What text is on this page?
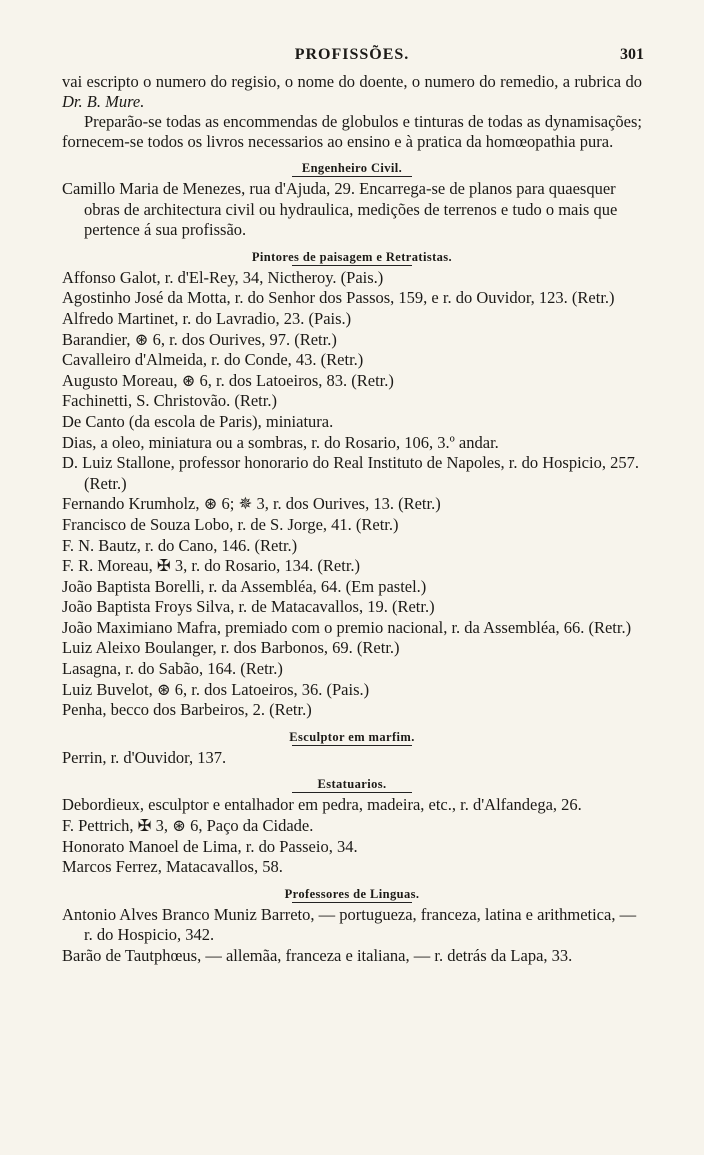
PROFISSÕES.	301

vai escripto o numero do regisio, o nome do doente, o numero do remedio, a rubrica do Dr. B. Mure.

Preparão-se todas as encommendas de globulos e tinturas de todas as dynamisações; fornecem-se todos os livros necessarios ao ensino e à pratica da homœopathia pura.

Engenheiro Civil.

Camillo Maria de Menezes, rua d'Ajuda, 29. Encarrega-se de planos para quaesquer obras de architectura civil ou hydraulica, medições de terrenos e tudo o mais que pertence á sua profissão.

Pintores de paisagem e Retratistas.

Affonso Galot, r. d'El-Rey, 34, Nictheroy. (Pais.)

Agostinho José da Motta, r. do Senhor dos Passos, 159, e r. do Ouvidor, 123. (Retr.)

Alfredo Martinet, r. do Lavradio, 23. (Pais.)

Barandier, ⊛ 6, r. dos Ourives, 97. (Retr.)

Cavalleiro d'Almeida, r. do Conde, 43. (Retr.)

Augusto Moreau, ⊛ 6, r. dos Latoeiros, 83. (Retr.)

Fachinetti, S. Christovão. (Retr.)

De Canto (da escola de Paris), miniatura.

Dias, a oleo, miniatura ou a sombras, r. do Rosario, 106, 3.º andar.

D. Luiz Stallone, professor honorario do Real Instituto de Napoles, r. do Hospicio, 257. (Retr.)

Fernando Krumholz, ⊛ 6; ✵ 3, r. dos Ourives, 13. (Retr.)

Francisco de Souza Lobo, r. de S. Jorge, 41. (Retr.)

F. N. Bautz, r. do Cano, 146. (Retr.)

F. R. Moreau, ✠ 3, r. do Rosario, 134. (Retr.)

João Baptista Borelli, r. da Assembléa, 64. (Em pastel.)

João Baptista Froys Silva, r. de Matacavallos, 19. (Retr.)

João Maximiano Mafra, premiado com o premio nacional, r. da Assembléa, 66. (Retr.)

Luiz Aleixo Boulanger, r. dos Barbonos, 69. (Retr.)

Lasagna, r. do Sabão, 164. (Retr.)

Luiz Buvelot, ⊛ 6, r. dos Latoeiros, 36. (Pais.)

Penha, becco dos Barbeiros, 2. (Retr.)

Esculptor em marfim.

Perrin, r. d'Ouvidor, 137.

Estatuarios.

Debordieux, esculptor e entalhador em pedra, madeira, etc., r. d'Alfandega, 26.

F. Pettrich, ✠ 3, ⊛ 6, Paço da Cidade.

Honorato Manoel de Lima, r. do Passeio, 34.

Marcos Ferrez, Matacavallos, 58.

Professores de Linguas.

Antonio Alves Branco Muniz Barreto, — portugueza, franceza, latina e arithmetica, — r. do Hospicio, 342.

Barão de Tautphœus, — allemãa, franceza e italiana, — r. detrás da Lapa, 33.
